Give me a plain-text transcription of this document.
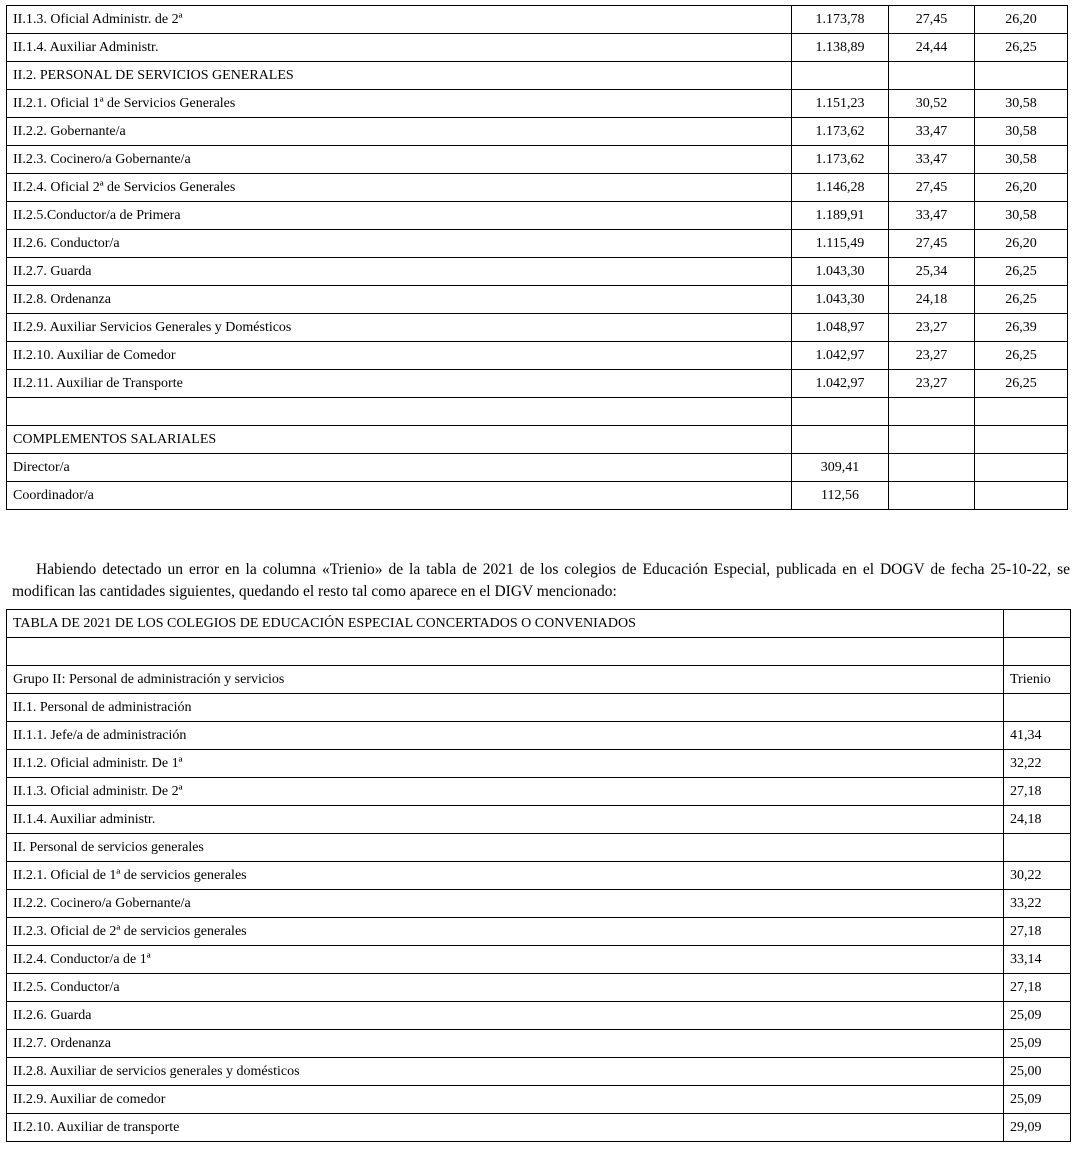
II.1.3. Oficial Administr. de 2ª	1.173,78	27,45	26,20
II.1.4. Auxiliar Administr.	1.138,89	24,44	26,25
II.2. PERSONAL DE SERVICIOS GENERALES			
II.2.1. Oficial 1ª de Servicios Generales	1.151,23	30,52	30,58
II.2.2. Gobernante/a	1.173,62	33,47	30,58
II.2.3. Cocinero/a Gobernante/a	1.173,62	33,47	30,58
II.2.4. Oficial 2ª de Servicios Generales	1.146,28	27,45	26,20
II.2.5.Conductor/a de Primera	1.189,91	33,47	30,58
II.2.6. Conductor/a	1.115,49	27,45	26,20
II.2.7. Guarda	1.043,30	25,34	26,25
II.2.8. Ordenanza	1.043,30	24,18	26,25
II.2.9. Auxiliar Servicios Generales y Domésticos	1.048,97	23,27	26,39
II.2.10. Auxiliar de Comedor	1.042,97	23,27	26,25
II.2.11. Auxiliar de Transporte	1.042,97	23,27	26,25

COMPLEMENTOS SALARIALES			
Director/a	309,41		
Coordinador/a	112,56		

Habiendo detectado un error en la columna «Trienio» de la tabla de 2021 de los colegios de Educación Especial, publicada en el DOGV de fecha 25-10-22, se modifican las cantidades siguientes, quedando el resto tal como aparece en el DIGV mencionado:

TABLA DE 2021 DE LOS COLEGIOS DE EDUCACIÓN ESPECIAL CONCERTADOS O CONVENIADOS	

Grupo II: Personal de administración y servicios	Trienio
II.1. Personal de administración	
II.1.1. Jefe/a de administración	41,34
II.1.2. Oficial administr. De 1ª	32,22
II.1.3. Oficial administr. De 2ª	27,18
II.1.4. Auxiliar administr.	24,18
II. Personal de servicios generales	
II.2.1. Oficial de 1ª de servicios generales	30,22
II.2.2. Cocinero/a Gobernante/a	33,22
II.2.3. Oficial de 2ª de servicios generales	27,18
II.2.4. Conductor/a de 1ª	33,14
II.2.5. Conductor/a	27,18
II.2.6. Guarda	25,09
II.2.7. Ordenanza	25,09
II.2.8. Auxiliar de servicios generales y domésticos	25,00
II.2.9. Auxiliar de comedor	25,09
II.2.10. Auxiliar de transporte	29,09
